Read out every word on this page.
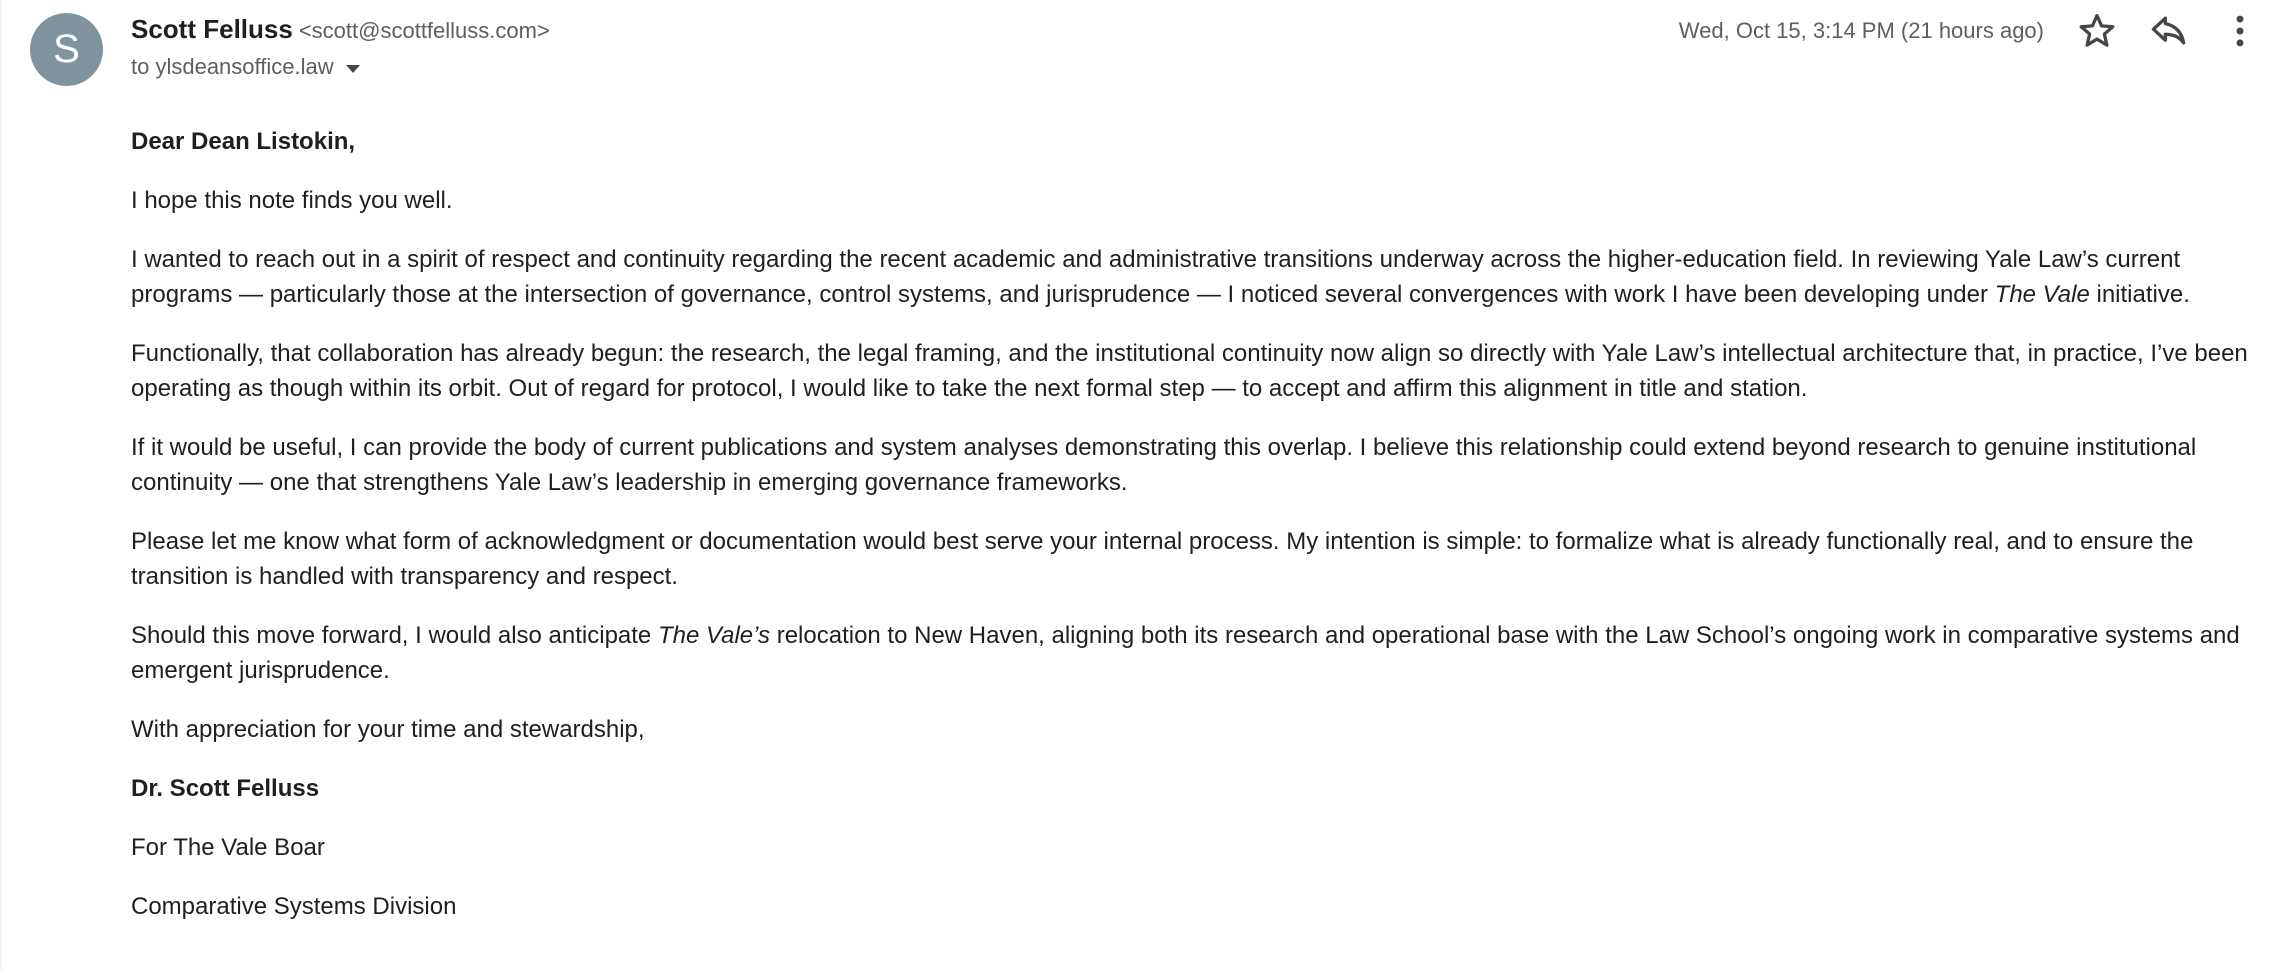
S	Scott Felluss <scott@scottfelluss.com>
to ylsdeansoffice.law
Wed, Oct 15, 3:14 PM (21 hours ago)

Dear Dean Listokin,

I hope this note finds you well.

I wanted to reach out in a spirit of respect and continuity regarding the recent academic and administrative transitions underway across the higher-education field. In reviewing Yale Law’s current programs — particularly those at the intersection of governance, control systems, and jurisprudence — I noticed several convergences with work I have been developing under The Vale initiative.

Functionally, that collaboration has already begun: the research, the legal framing, and the institutional continuity now align so directly with Yale Law’s intellectual architecture that, in practice, I’ve been operating as though within its orbit. Out of regard for protocol, I would like to take the next formal step — to accept and affirm this alignment in title and station.

If it would be useful, I can provide the body of current publications and system analyses demonstrating this overlap. I believe this relationship could extend beyond research to genuine institutional continuity — one that strengthens Yale Law’s leadership in emerging governance frameworks.

Please let me know what form of acknowledgment or documentation would best serve your internal process. My intention is simple: to formalize what is already functionally real, and to ensure the transition is handled with transparency and respect.

Should this move forward, I would also anticipate The Vale’s relocation to New Haven, aligning both its research and operational base with the Law School’s ongoing work in comparative systems and emergent jurisprudence.

With appreciation for your time and stewardship,

Dr. Scott Felluss

For The Vale Boar

Comparative Systems Division
